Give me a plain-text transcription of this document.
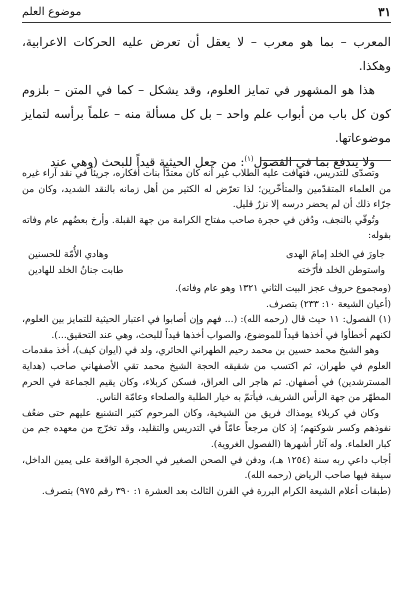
٣١
موضوع العلم

المعرب – بما هو معرب – لا يعقل أن تعرض عليه الحركات الاعرابية، وهكذا.

هذا هو المشهور في تمايز العلوم، وقد يشكل – كما في المتن – بلزوم كون كل باب من أبواب علم واحد – بل كل مسألة منه – علماً برأسه لتمايز موضوعاتها.

ولا يندفع بما في الفصول$^{(١)}$: من جعل الحيثية قيداً للبحث (وهي عند

وتصدّى للتدريس، فتهافت عليه الطلاب غير أنه كان معتدّاً بنات أفكاره، جريئاً في نقد آراء غيره من العلماء المتقدّمين والمتأخّرين؛ لذا تعرّض له الكثير من أهل زمانه بالنقد الشديد، وكان من جرّاء ذلك أن لم يحضر درسه إلا نزرٌ قليل.

وتُوفّي بالنجف، ودُفن في حجرة صاحب مفتاح الكرامة من جهة القبلة. وأرخ بعضُهم عام وفاته بقوله:

جاورَ في الخلد إمامَ الهدى
وهادي الأُمّة للحسنين
واستوطن الخلد فأرّخته
طابت جنانُ الخلد للهادين

(ومجموع حروف عجز البيت الثاني ١٣٢١ وهو عام وفاته).

(أعيان الشيعة ١٠: ٢٣٣) بتصرف.

(١) الفصول: ١١ حيث قال (رحمه الله): (... فهم وإن أصابوا في اعتبار الحيثية للتمايز بين العلوم، لكنهم أخطأوا في أخذها قيداً للموضوع، والصواب أخذها قيداً للبحث، وهي عند التحقيق...).

وهو الشيخ محمد حسين بن محمد رحيم الطهراني الحائري، ولد في (ايوان كيف)، أخذ مقدمات العلوم في طهران، ثم اكتسب من شقيقه الحجة الشيخ محمد تقي الأصفهاني صاحب (هداية المسترشدين) في أصفهان. ثم هاجر الى العراق، فسكن كربلاء، وكان يقيم الجماعة في الحرم المطهّر من جهة الرأس الشريف، فيأتمّ به خيار الطلبة والصلحاء وعامّة الناس.

وكان في كربلاء يومذاك فريق من الشيخية، وكان المرحوم كثير التشنيع عليهم حتى ضعُف نفوذهم وكسر شوكتهم؛ إذ كان مرجعاً عامّاً في التدريس والتقليد، وقد تخرّج من معهده جم من كبار العلماء. وله آثار أشهرها (الفصول الغروية).

أجاب داعي ربه سنة (١٢٥٤ هـ)، ودفن في الصحن الصغير في الحجرة الواقعة على يمين الداخل، سيقة فيها صاحب الرياض (رحمه الله).

(طبقات أعلام الشيعة الكرام البررة في القرن الثالث بعد العشرة ١: ٣٩٠ رقم ٩٧٥) بتصرف.
